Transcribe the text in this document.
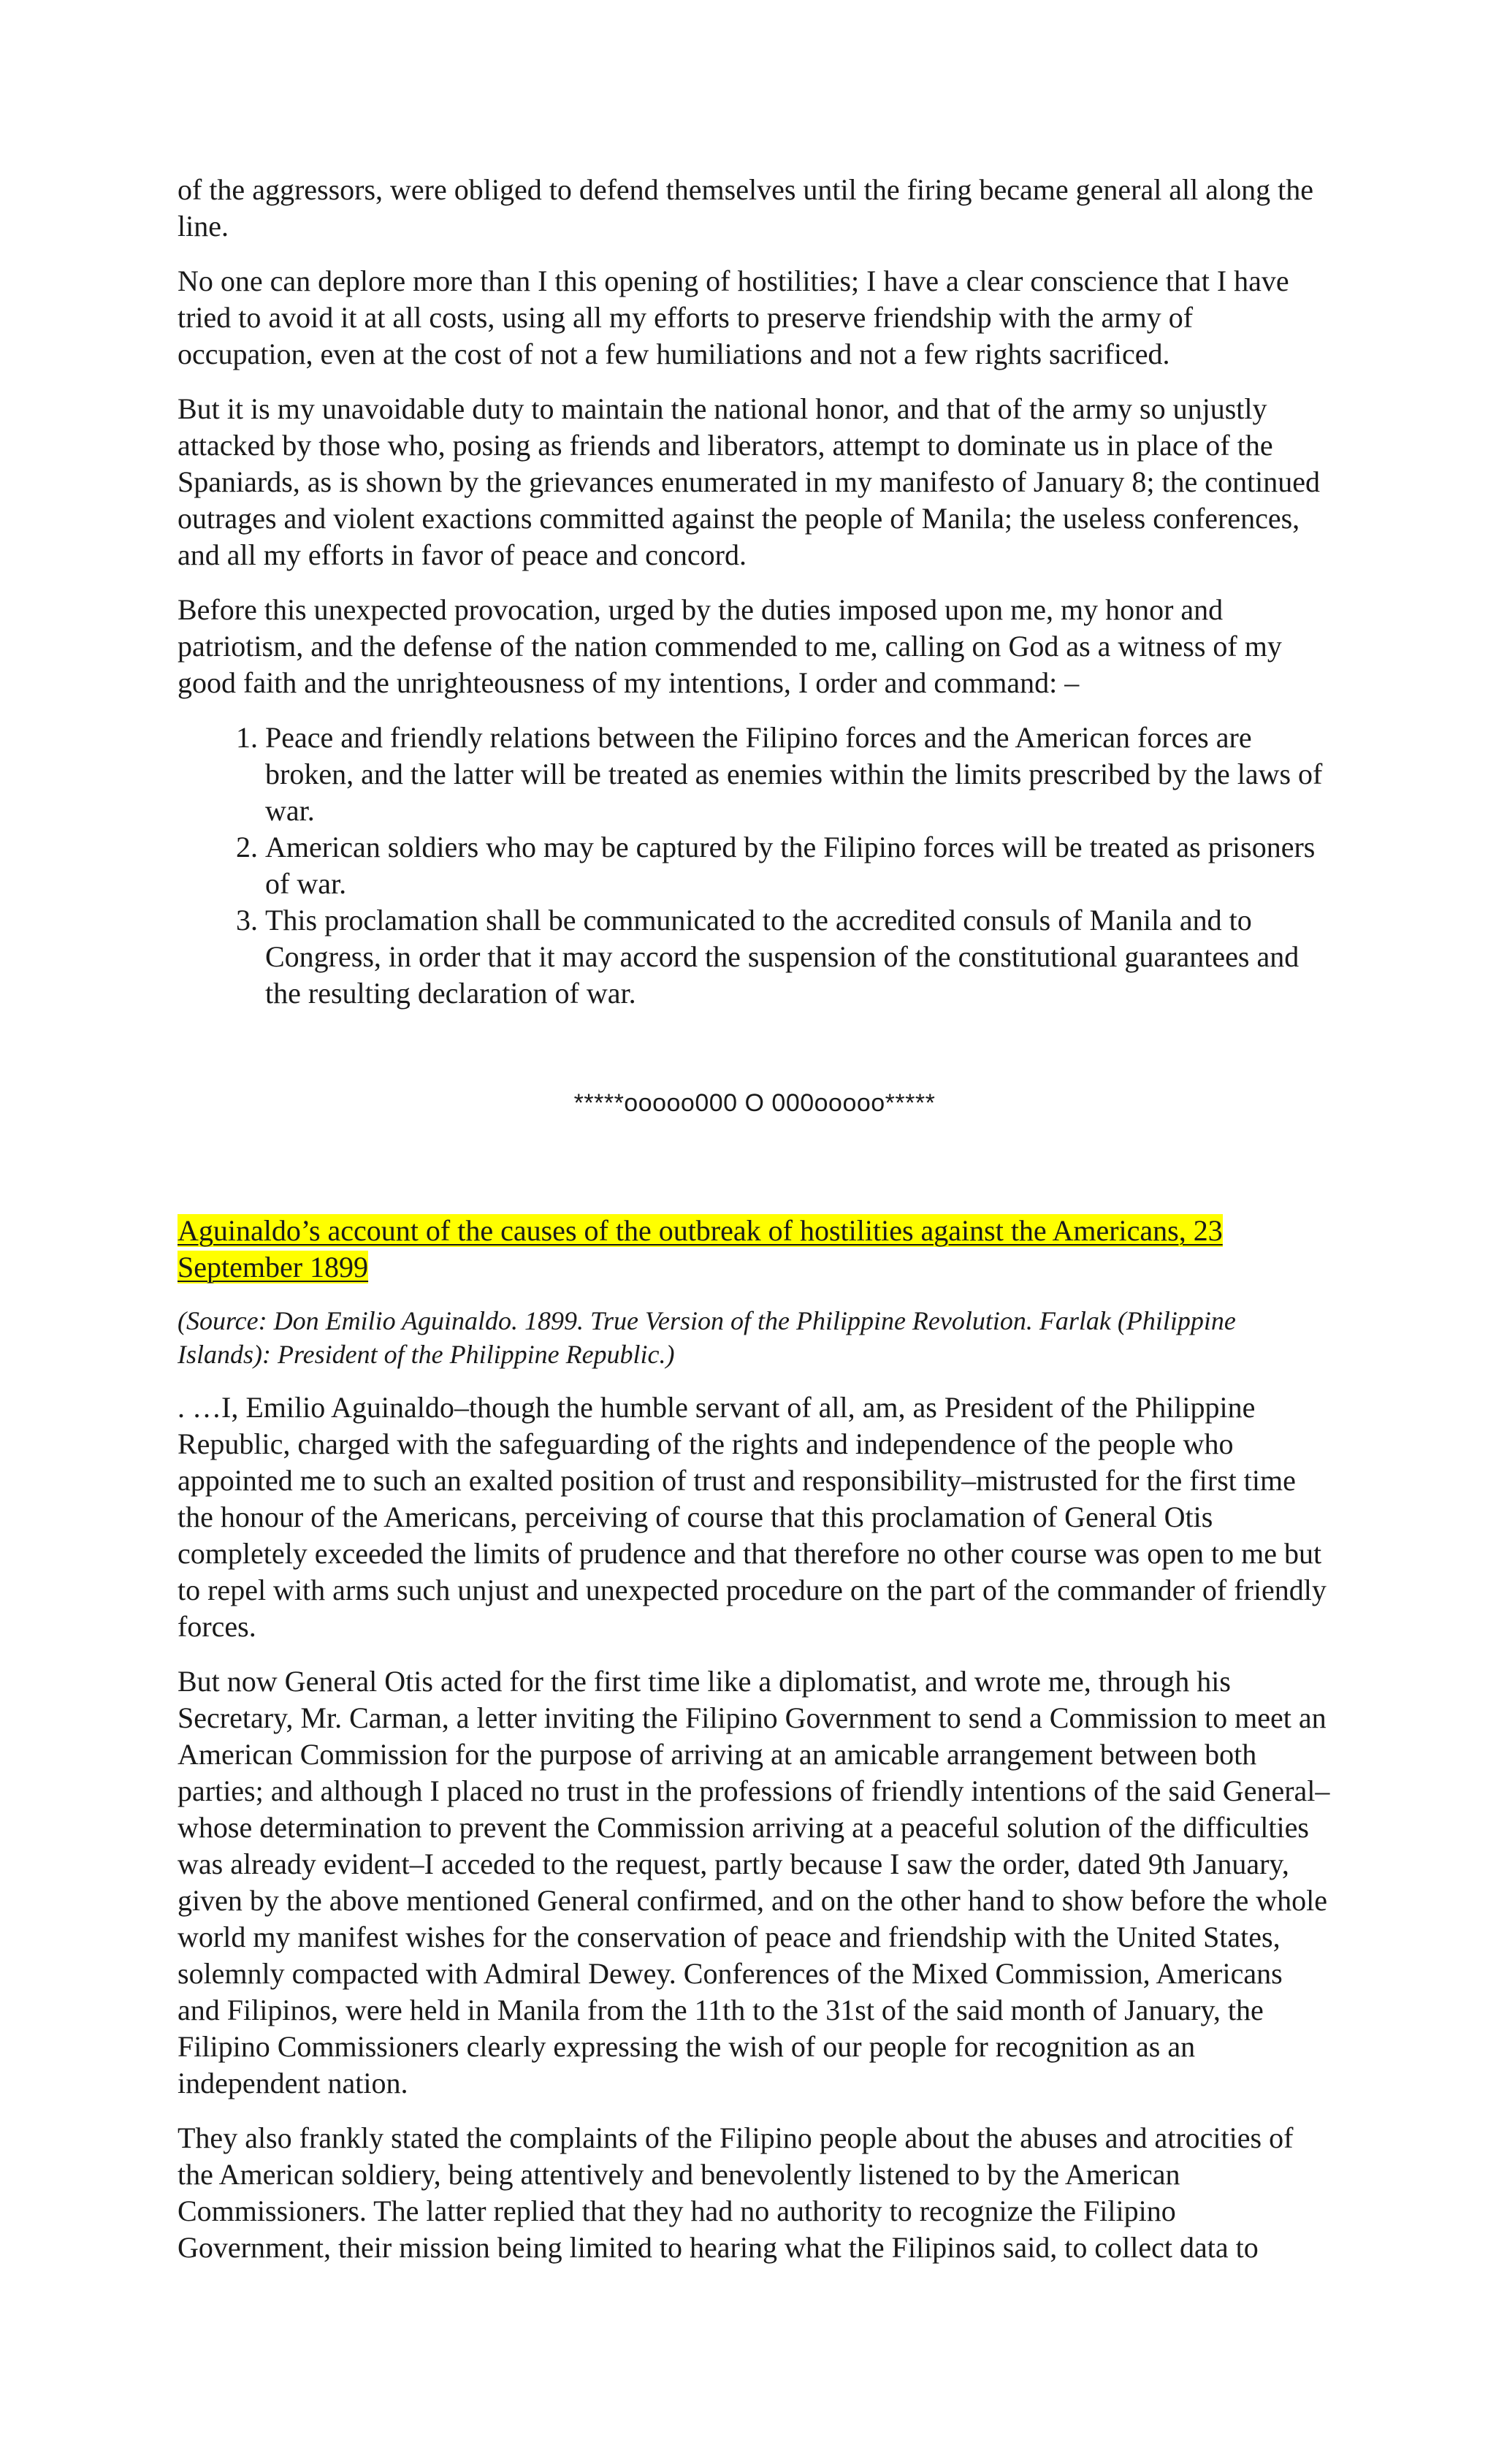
of the aggressors, were obliged to defend themselves until the firing became general all along the line.

No one can deplore more than I this opening of hostilities; I have a clear conscience that I have tried to avoid it at all costs, using all my efforts to preserve friendship with the army of occupation, even at the cost of not a few humiliations and not a few rights sacrificed.

But it is my unavoidable duty to maintain the national honor, and that of the army so unjustly attacked by those who, posing as friends and liberators, attempt to dominate us in place of the Spaniards, as is shown by the grievances enumerated in my manifesto of January 8; the continued outrages and violent exactions committed against the people of Manila; the useless conferences, and all my efforts in favor of peace and concord.

Before this unexpected provocation, urged by the duties imposed upon me, my honor and patriotism, and the defense of the nation commended to me, calling on God as a witness of my good faith and the unrighteousness of my intentions, I order and command: –

1. Peace and friendly relations between the Filipino forces and the American forces are broken, and the latter will be treated as enemies within the limits prescribed by the laws of war.
2. American soldiers who may be captured by the Filipino forces will be treated as prisoners of war.
3. This proclamation shall be communicated to the accredited consuls of Manila and to Congress, in order that it may accord the suspension of the constitutional guarantees and the resulting declaration of war.
*****ooooo000 O 000ooooo*****

Aguinaldo’s account of the causes of the outbreak of hostilities against the Americans, 23 September 1899

(Source: Don Emilio Aguinaldo. 1899. True Version of the Philippine Revolution. Farlak (Philippine Islands): President of the Philippine Republic.)

. …I, Emilio Aguinaldo–though the humble servant of all, am, as President of the Philippine Republic, charged with the safeguarding of the rights and independence of the people who appointed me to such an exalted position of trust and responsibility–mistrusted for the first time the honour of the Americans, perceiving of course that this proclamation of General Otis completely exceeded the limits of prudence and that therefore no other course was open to me but to repel with arms such unjust and unexpected procedure on the part of the commander of friendly forces.

But now General Otis acted for the first time like a diplomatist, and wrote me, through his Secretary, Mr. Carman, a letter inviting the Filipino Government to send a Commission to meet an American Commission for the purpose of arriving at an amicable arrangement between both parties; and although I placed no trust in the professions of friendly intentions of the said General–whose determination to prevent the Commission arriving at a peaceful solution of the difficulties was already evident–I acceded to the request, partly because I saw the order, dated 9th January, given by the above mentioned General confirmed, and on the other hand to show before the whole world my manifest wishes for the conservation of peace and friendship with the United States, solemnly compacted with Admiral Dewey. Conferences of the Mixed Commission, Americans and Filipinos, were held in Manila from the 11th to the 31st of the said month of January, the Filipino Commissioners clearly expressing the wish of our people for recognition as an independent nation.

They also frankly stated the complaints of the Filipino people about the abuses and atrocities of the American soldiery, being attentively and benevolently listened to by the American Commissioners. The latter replied that they had no authority to recognize the Filipino Government, their mission being limited to hearing what the Filipinos said, to collect data to
